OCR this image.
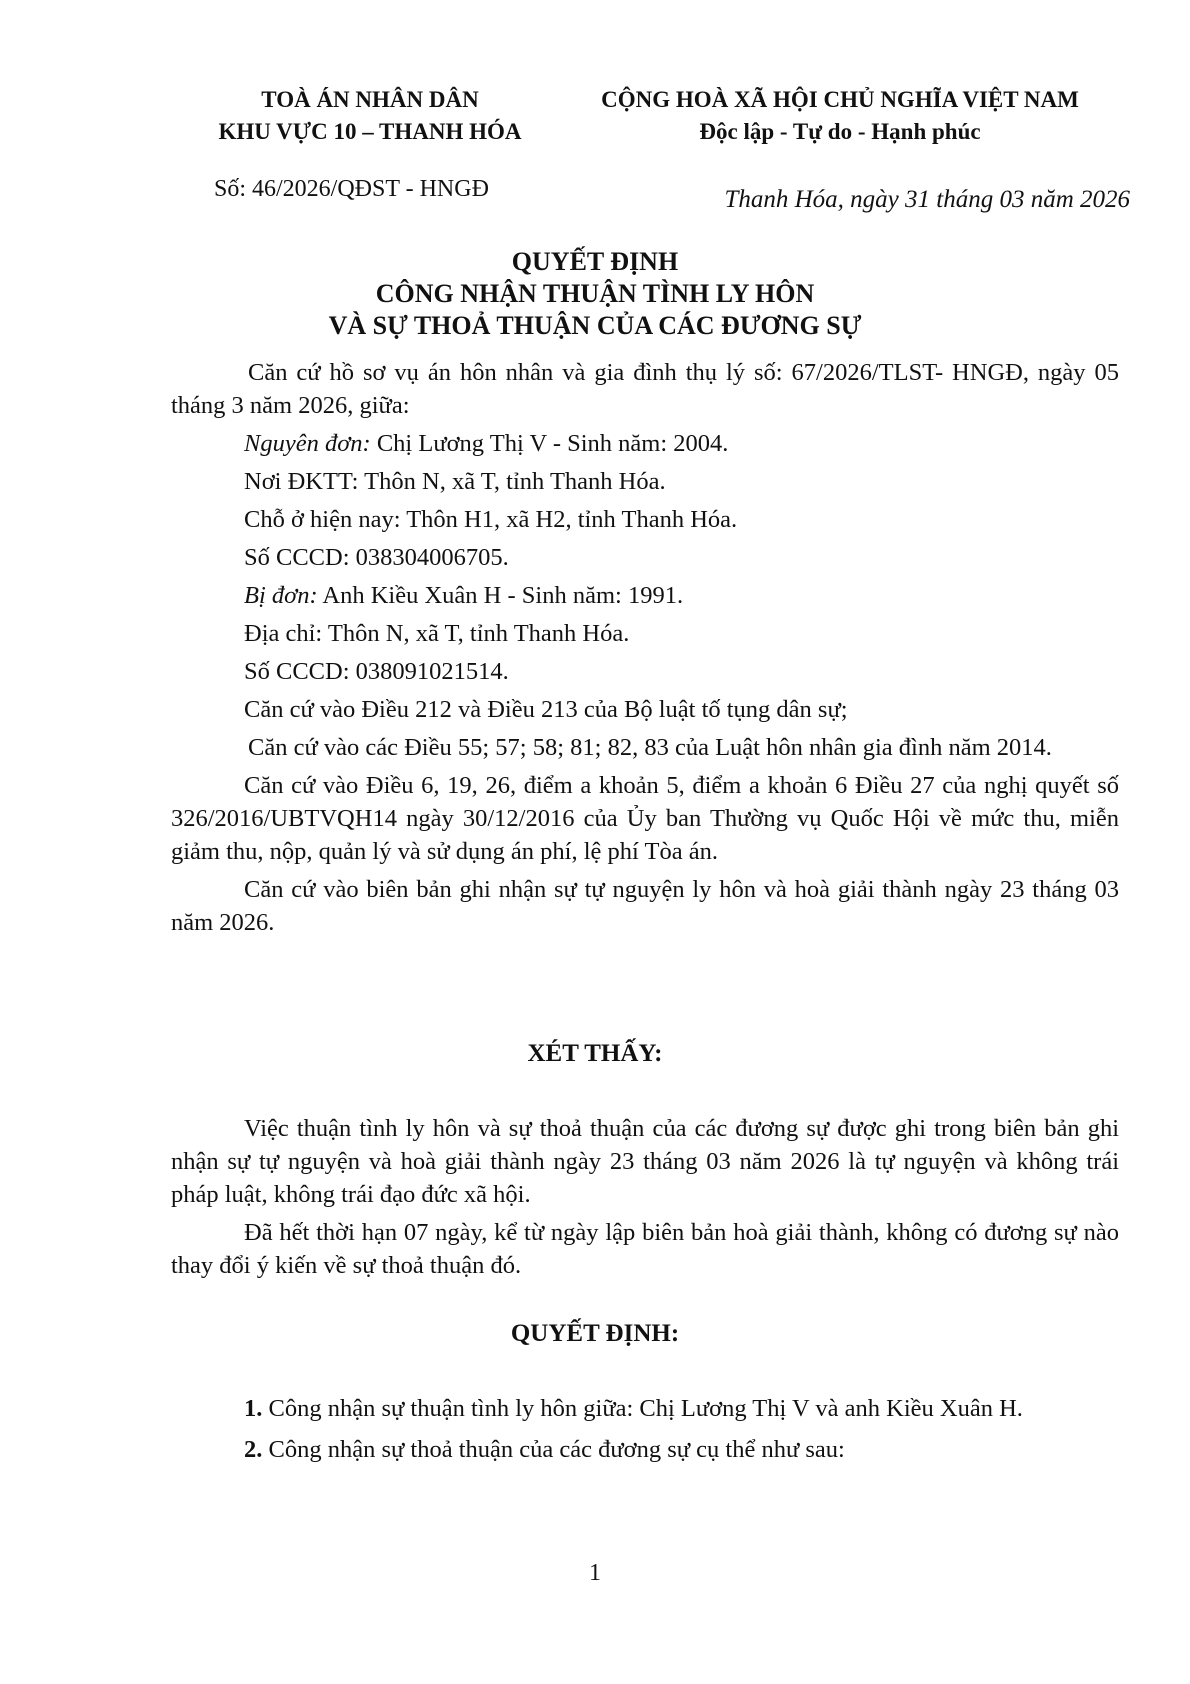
TOÀ ÁN NHÂN DÂN
KHU VỰC 10 – THANH HÓA
CỘNG HOÀ XÃ HỘI CHỦ NGHĨA VIỆT NAM
Độc lập - Tự do - Hạnh phúc
Số: 46/2026/QĐST - HNGĐ	Thanh Hóa, ngày 31 tháng 03 năm 2026
QUYẾT ĐỊNH
CÔNG NHẬN THUẬN TÌNH LY HÔN
VÀ SỰ THOẢ THUẬN CỦA CÁC ĐƯƠNG SỰ

Căn cứ hồ sơ vụ án hôn nhân và gia đình thụ lý số: 67/2026/TLST- HNGĐ, ngày 05 tháng 3 năm 2026, giữa:

Nguyên đơn: Chị Lương Thị V - Sinh năm: 2004.

Nơi ĐKTT: Thôn N, xã T, tỉnh Thanh Hóa.

Chỗ ở hiện nay: Thôn H1, xã H2, tỉnh Thanh Hóa.

Số CCCD: 038304006705.

Bị đơn: Anh Kiều Xuân H - Sinh năm: 1991.

Địa chỉ: Thôn N, xã T, tỉnh Thanh Hóa.

Số CCCD: 038091021514.

Căn cứ vào Điều 212 và Điều 213 của Bộ luật tố tụng dân sự;

Căn cứ vào các Điều 55; 57; 58; 81; 82, 83 của Luật hôn nhân gia đình năm 2014.

Căn cứ vào Điều 6, 19, 26, điểm a khoản 5, điểm a khoản 6 Điều 27 của nghị quyết số 326/2016/UBTVQH14 ngày 30/12/2016 của Ủy ban Thường vụ Quốc Hội về mức thu, miễn giảm thu, nộp, quản lý và sử dụng án phí, lệ phí Tòa án.

Căn cứ vào biên bản ghi nhận sự tự nguyện ly hôn và hoà giải thành ngày 23 tháng 03 năm 2026.

XÉT THẤY:

Việc thuận tình ly hôn và sự thoả thuận của các đương sự được ghi trong biên bản ghi nhận sự tự nguyện và hoà giải thành ngày 23 tháng 03 năm 2026 là tự nguyện và không trái pháp luật, không trái đạo đức xã hội.

Đã hết thời hạn 07 ngày, kể từ ngày lập biên bản hoà giải thành, không có đương sự nào thay đổi ý kiến về sự thoả thuận đó.

QUYẾT ĐỊNH:

1. Công nhận sự thuận tình ly hôn giữa: Chị Lương Thị V và anh Kiều Xuân H.

2. Công nhận sự thoả thuận của các đương sự cụ thể như sau:

1
